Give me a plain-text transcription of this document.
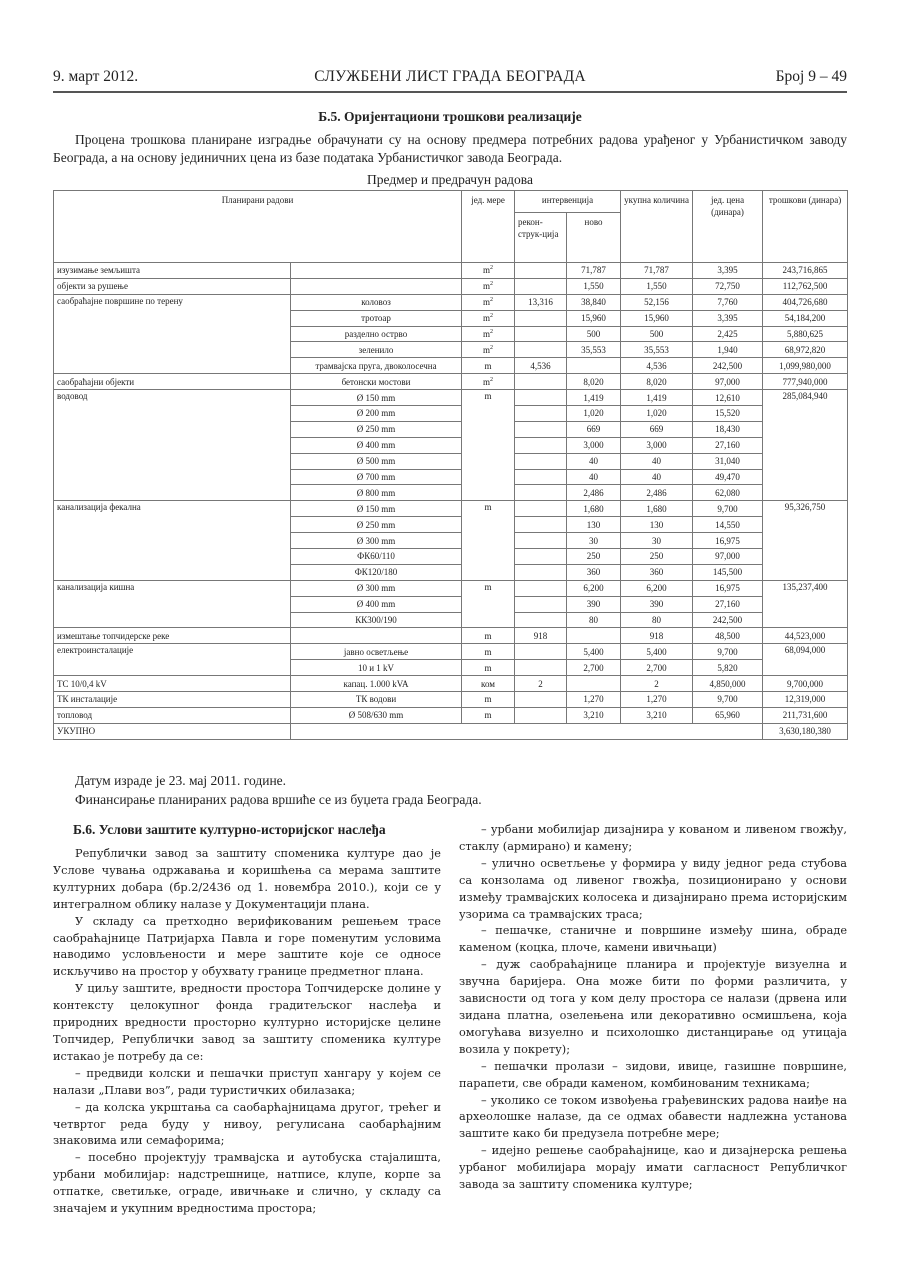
9. март 2012.	СЛУЖБЕНИ ЛИСТ ГРАДА БЕОГРАДА	Број 9 – 49
Б.5. Оријентациони трошкови реализације
Процена трошкова планиране изградње обрачунати су на основу предмера потребних радова урађеног у Урбанистичком заводу Београда, а на основу јединичних цена из базе података Урбанистичког завода Београда.
Предмер и предрачун радова
Планирани радови		јед. мере	интервенција		укупна количина	јед. цена (динара)	трошкови (динара)
			рекон-струк-ција	ново			
изузимање земљишта		$m^2$		71,787	71,787	3,395	243,716,865
објекти за рушење		$m^2$		1,550	1,550	72,750	112,762,500
саобраћајне површине по терену	коловоз	$m^2$	13,316	38,840	52,156	7,760	404,726,680
	тротоар	$m^2$		15,960	15,960	3,395	54,184,200
	разделно острво	$m^2$		500	500	2,425	5,880,625
	зеленило	$m^2$		35,553	35,553	1,940	68,972,820
	трамвајска пруга, двоколосечна	m	4,536		4,536	242,500	1,099,980,000
саобраћајни објекти	бетонски мостови	$m^2$		8,020	8,020	97,000	777,940,000
водовод	Ø 150 mm	m		1,419	1,419	12,610	285,084,940
	Ø 200 mm			1,020	1,020	15,520	
	Ø 250 mm			669	669	18,430	
	Ø 400 mm			3,000	3,000	27,160	
	Ø 500 mm			40	40	31,040	
	Ø 700 mm			40	40	49,470	
	Ø 800 mm			2,486	2,486	62,080	
канализација фекална	Ø 150 mm	m		1,680	1,680	9,700	95,326,750
	Ø 250 mm			130	130	14,550	
	Ø 300 mm			30	30	16,975	
	ФК60/110			250	250	97,000	
	ФК120/180			360	360	145,500	
канализација кишна	Ø 300 mm	m		6,200	6,200	16,975	135,237,400
	Ø 400 mm			390	390	27,160	
	КК300/190			80	80	242,500	
измештање топчидерске реке		m	918		918	48,500	44,523,000
електроинсталације	јавно осветљење	m		5,400	5,400	9,700	68,094,000
	10 и 1 kV	m		2,700	2,700	5,820	
ТС 10/0,4 kV	капац. 1.000 kVA	ком	2		2	4,850,000	9,700,000
ТК инсталације	ТК водови	m		1,270	1,270	9,700	12,319,000
топловод	Ø 508/630 mm	m		3,210	3,210	65,960	211,731,600
УКУПНО							3,630,180,380
Датум израде је 23. мај 2011. године.
Финансирање планираних радова вршиће се из буџета града Београда.
Б.6. Услови заштите културно-историјског наслеђа

Републички завод за заштиту споменика културе дао је Услове чувања одржавања и коришћења са мерама заштите културних добара (бр.2/2436 од 1. новембра 2010.), који се у интегралном облику налазе у Документацији плана.

У складу са претходно верификованим решењем трасе саобраћајнице Патријарха Павла и горе поменутим условима наводимо условљености и мере заштите које се односе искључиво на простор у обухвату границе предметног плана.

У циљу заштите, вредности простора Топчидерске долине у контексту целокупног фонда градитељског наслеђа и природних вредности просторно културно историјске целине Топчидер, Републички завод за заштиту споменика културе истакао је потребу да се:

– предвиди колски и пешачки приступ хангару у којем се налази „Плави воз”, ради туристичких обилазака;

– да колска укрштања са саобарћајницама другог, трећег и четвртог реда буду у нивоу, регулисана саобарћајним знаковима или семафорима;

– посебно пројектују трамвајска и аутобуска стајалишта, урбани мобилијар: надстрешнице, натписе, клупе, корпе за отпатке, светиљке, ограде, ивичњаке и слично, у складу са значајем и укупним вредностима простора;

– урбани мобилијар дизајнира у кованом и ливеном гвожђу, стаклу (армирано) и камену;

– улично осветљење у формира у виду једног реда стубова са конзолама од ливеног гвожђа, позиционирано у основи између трамвајских колосека и дизајнирано према историјским узорима са трамвајских траса;

– пешачке, станичне и површине између шина, обраде каменом (коцка, плоче, камени ивичњаци)

– дуж саобраћајнице планира и пројектује визуелна и звучна баријера. Она може бити по форми различита, у зависности од тога у ком делу простора се налази (дрвена или зидана платна, озелењена или декоративно осмишљена, која омогућава визуелно и психолошко дистанцирање од утицаја возила у покрету);

– пешачки пролази – зидови, ивице, газишне површине, парапети, све обради каменом, комбинованим техникама;

– уколико се током извођења грађевинских радова наиђе на археолошке налазе, да се одмах обавести надлежна установа заштите како би предузела потребне мере;

– идејно решење саобраћајнице, као и дизајнерска решења урбаног мобилијара морају имати сагласност Републичког завода за заштиту споменика културе;
